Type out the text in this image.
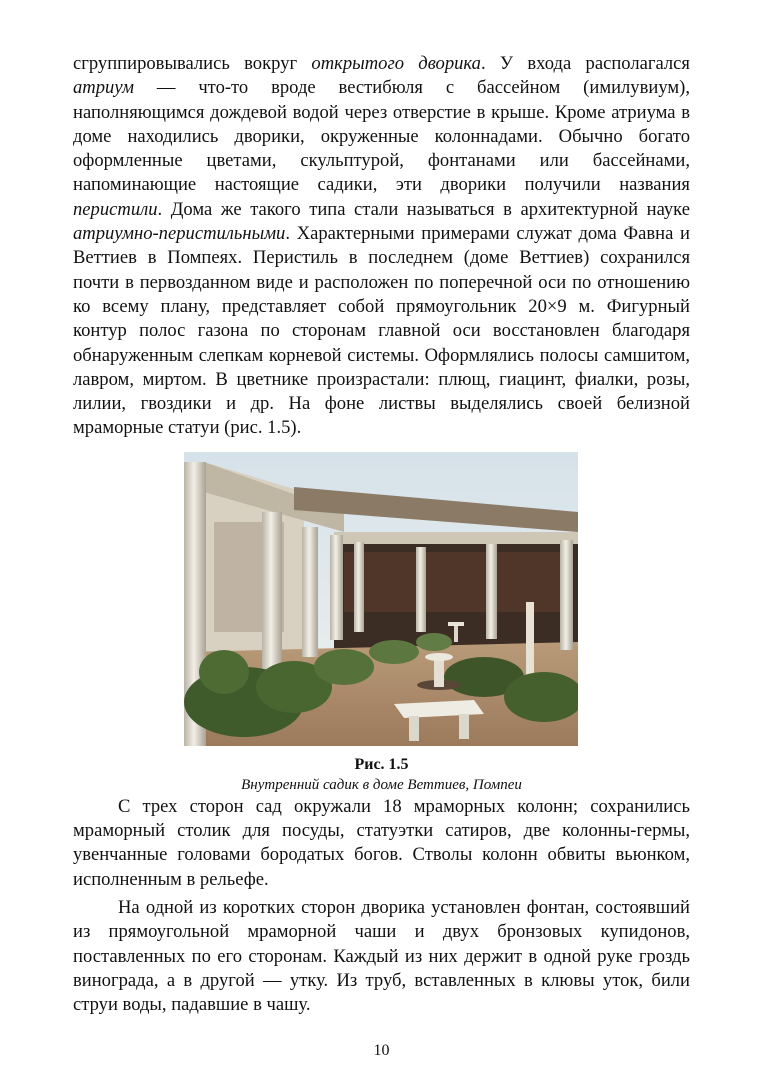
сгруппировывались вокруг открытого дворика. У входа располагался атриум — что-то вроде вестибюля с бассейном (имилувиум), наполняющимся дождевой водой через отверстие в крыше. Кроме атриума в доме находились дворики, окруженные колоннадами. Обычно богато оформленные цветами, скульптурой, фонтанами или бассейнами, напоминающие настоящие садики, эти дворики получили названия перистили. Дома же такого типа стали называться в архитектурной науке атриумно-перистильными. Характерными примерами служат дома Фавна и Веттиев в Помпеях. Перистиль в последнем (доме Веттиев) сохранился почти в первозданном виде и расположен по поперечной оси по отношению ко всему плану, представляет собой прямоугольник 20×9 м. Фигурный контур полос газона по сторонам главной оси восстановлен благодаря обнаруженным слепкам корневой системы. Оформлялись полосы самшитом, лавром, миртом. В цветнике произрастали: плющ, гиацинт, фиалки, розы, лилии, гвоздики и др. На фоне листвы выделялись своей белизной мраморные статуи (рис. 1.5).

Рис. 1.5
Внутренний садик в доме Веттиев, Помпеи

С трех сторон сад окружали 18 мраморных колонн; сохранились мраморный столик для посуды, статуэтки сатиров, две колонны-гермы, увенчанные головами бородатых богов. Стволы колонн обвиты вьюнком, исполненным в рельефе.

На одной из коротких сторон дворика установлен фонтан, состоявший из прямоугольной мраморной чаши и двух бронзовых купидонов, поставленных по его сторонам. Каждый из них держит в одной руке гроздь винограда, а в другой — утку. Из труб, вставленных в клювы уток, били струи воды, падавшие в чашу.

10
